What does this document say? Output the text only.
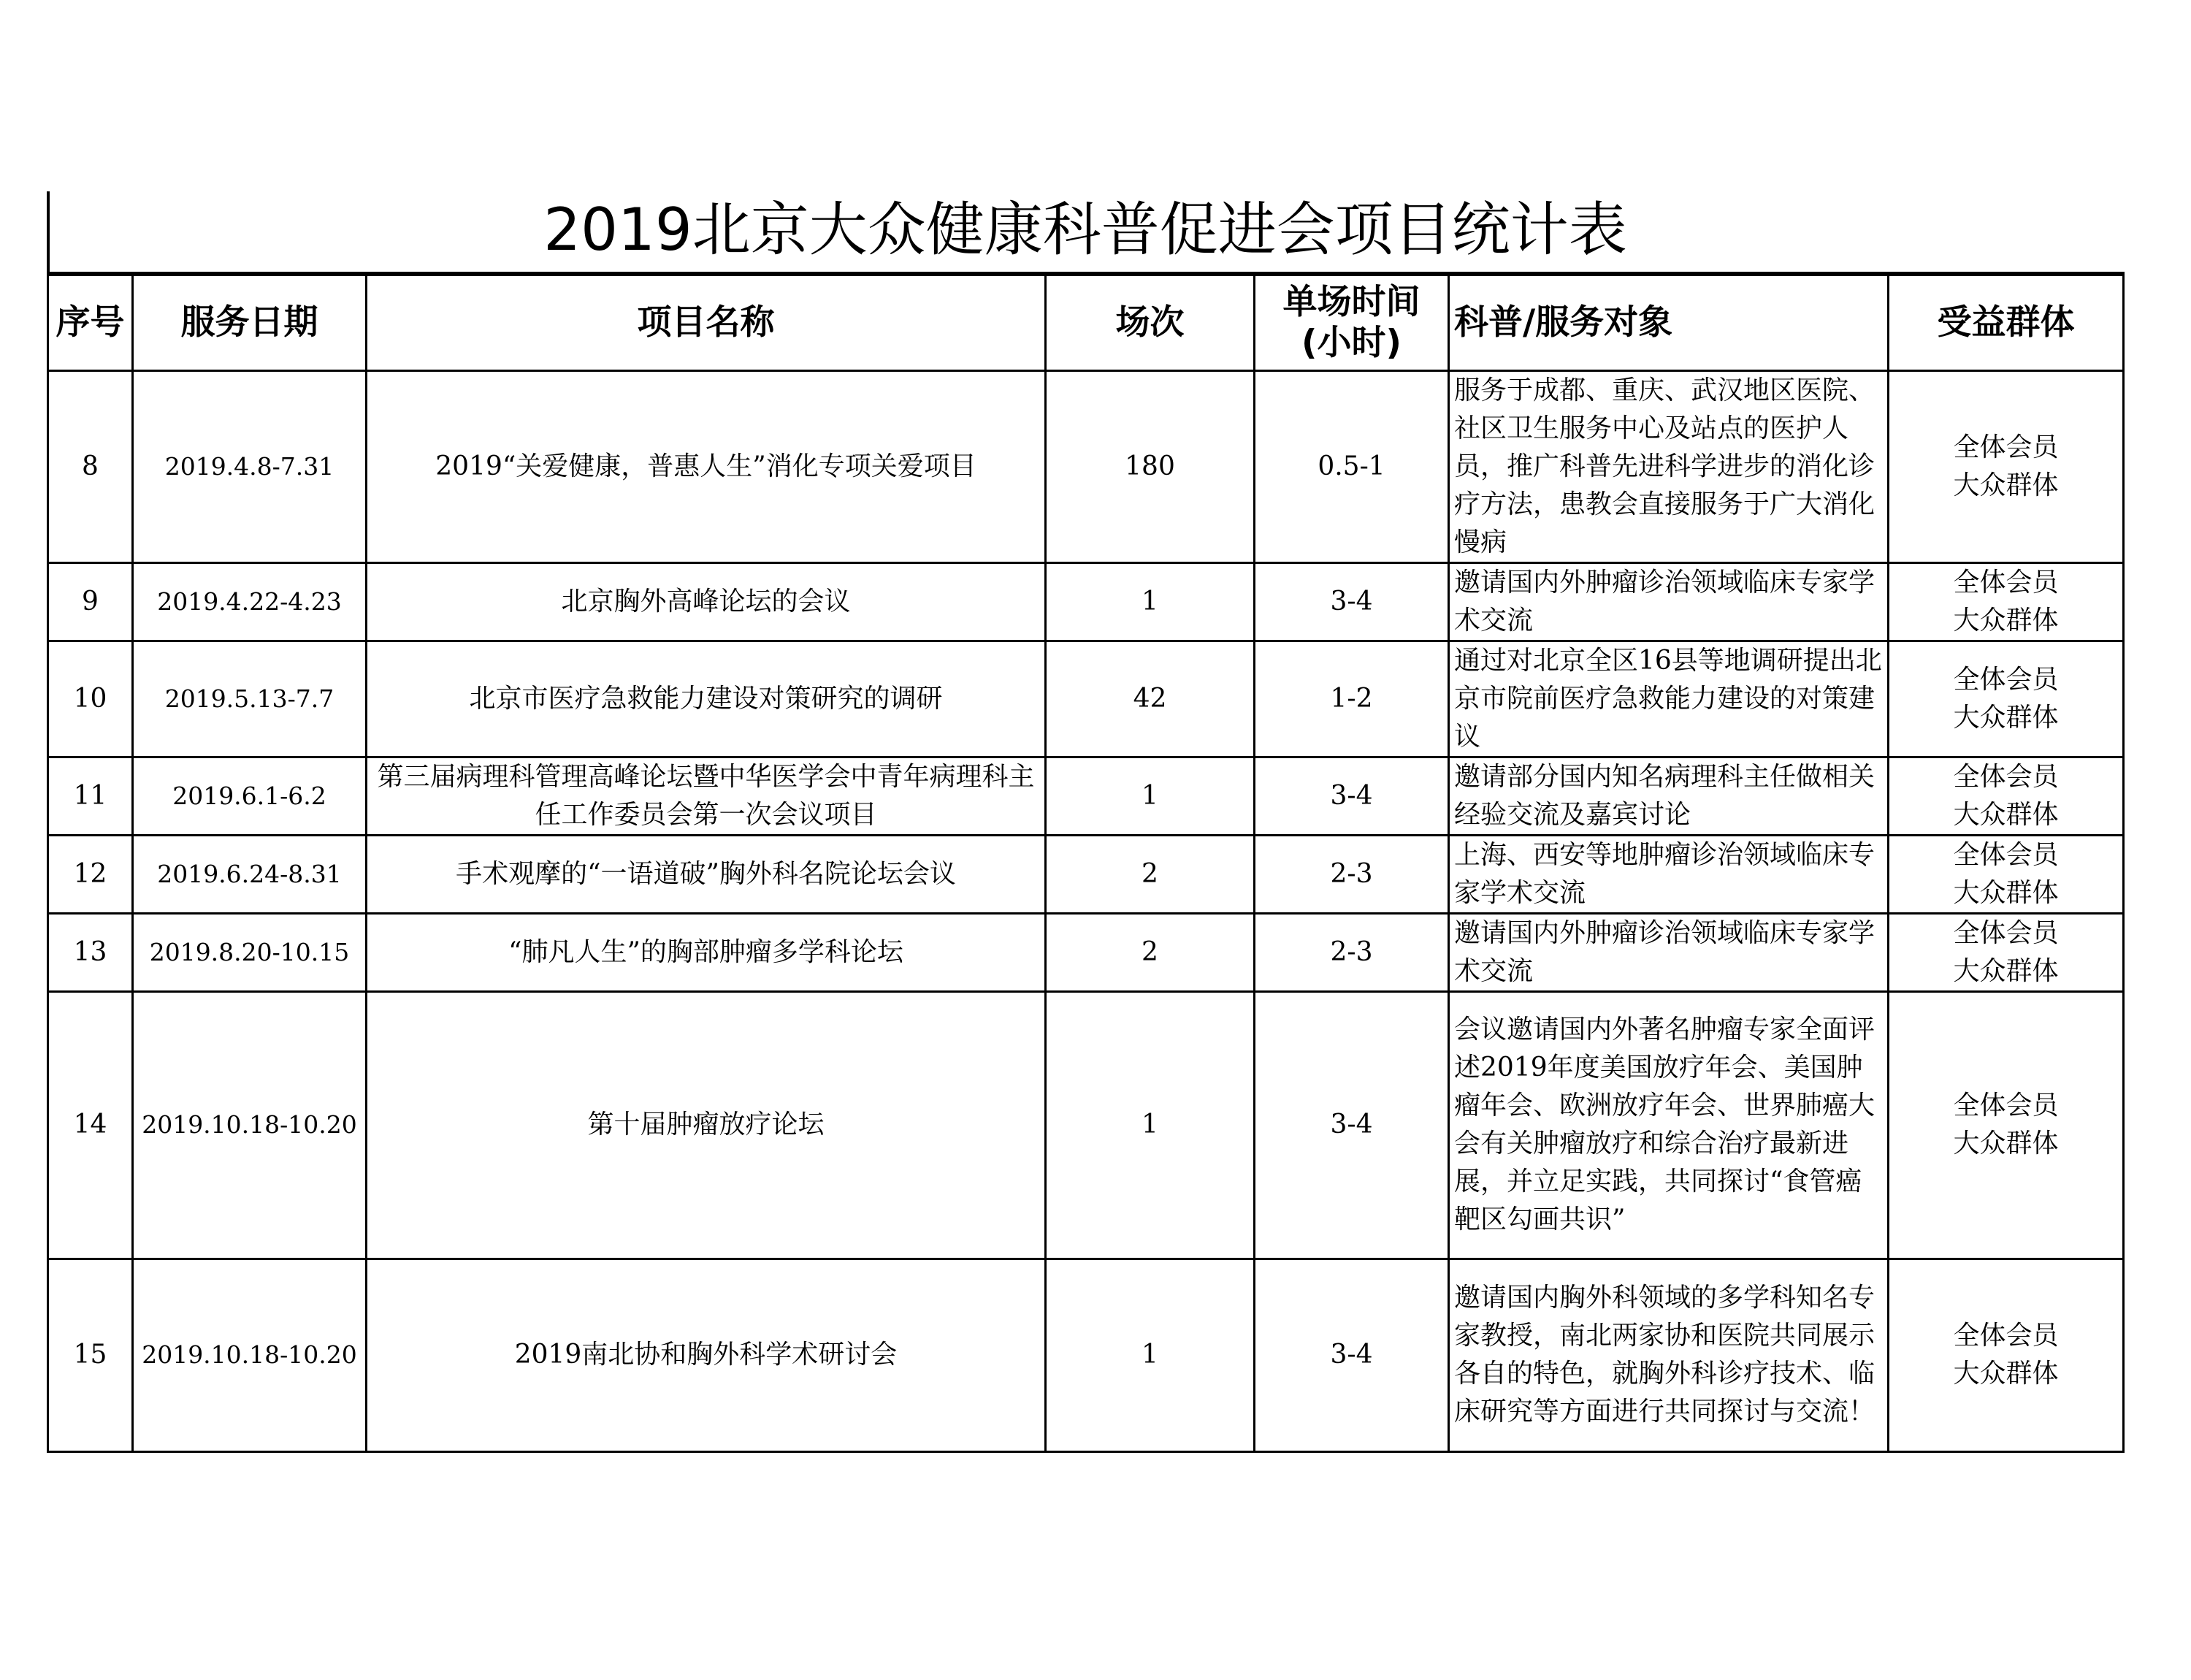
2019北京大众健康科普促进会项目统计表
序号	服务日期	项目名称	场次	单场时间(小时)	科普/服务对象	受益群体
8	2019.4.8-7.31	2019“关爱健康，普惠人生”消化专项关爱项目	180	0.5-1	服务于成都、重庆、武汉地区医院、社区卫生服务中心及站点的医护人员，推广科普先进科学进步的消化诊疗方法，患教会直接服务于广大消化慢病	全体会员
大众群体
9	2019.4.22-4.23	北京胸外高峰论坛的会议	1	3-4	邀请国内外肿瘤诊治领域临床专家学术交流	全体会员
大众群体
10	2019.5.13-7.7	北京市医疗急救能力建设对策研究的调研	42	1-2	通过对北京全区16县等地调研提出北京市院前医疗急救能力建设的对策建议	全体会员
大众群体
11	2019.6.1-6.2	第三届病理科管理高峰论坛暨中华医学会中青年病理科主任工作委员会第一次会议项目	1	3-4	邀请部分国内知名病理科主任做相关经验交流及嘉宾讨论	全体会员
大众群体
12	2019.6.24-8.31	手术观摩的“一语道破”胸外科名院论坛会议	2	2-3	上海、西安等地肿瘤诊治领域临床专家学术交流	全体会员
大众群体
13	2019.8.20-10.15	“肺凡人生”的胸部肿瘤多学科论坛	2	2-3	邀请国内外肿瘤诊治领域临床专家学术交流	全体会员
大众群体
14	2019.10.18-10.20	第十届肿瘤放疗论坛	1	3-4	会议邀请国内外著名肿瘤专家全面评述2019年度美国放疗年会、美国肿瘤年会、欧洲放疗年会、世界肺癌大会有关肿瘤放疗和综合治疗最新进展，并立足实践，共同探讨“食管癌靶区勾画共识”	全体会员
大众群体
15	2019.10.18-10.20	2019南北协和胸外科学术研讨会	1	3-4	邀请国内胸外科领域的多学科知名专家教授，南北两家协和医院共同展示各自的特色，就胸外科诊疗技术、临床研究等方面进行共同探讨与交流！	全体会员
大众群体
